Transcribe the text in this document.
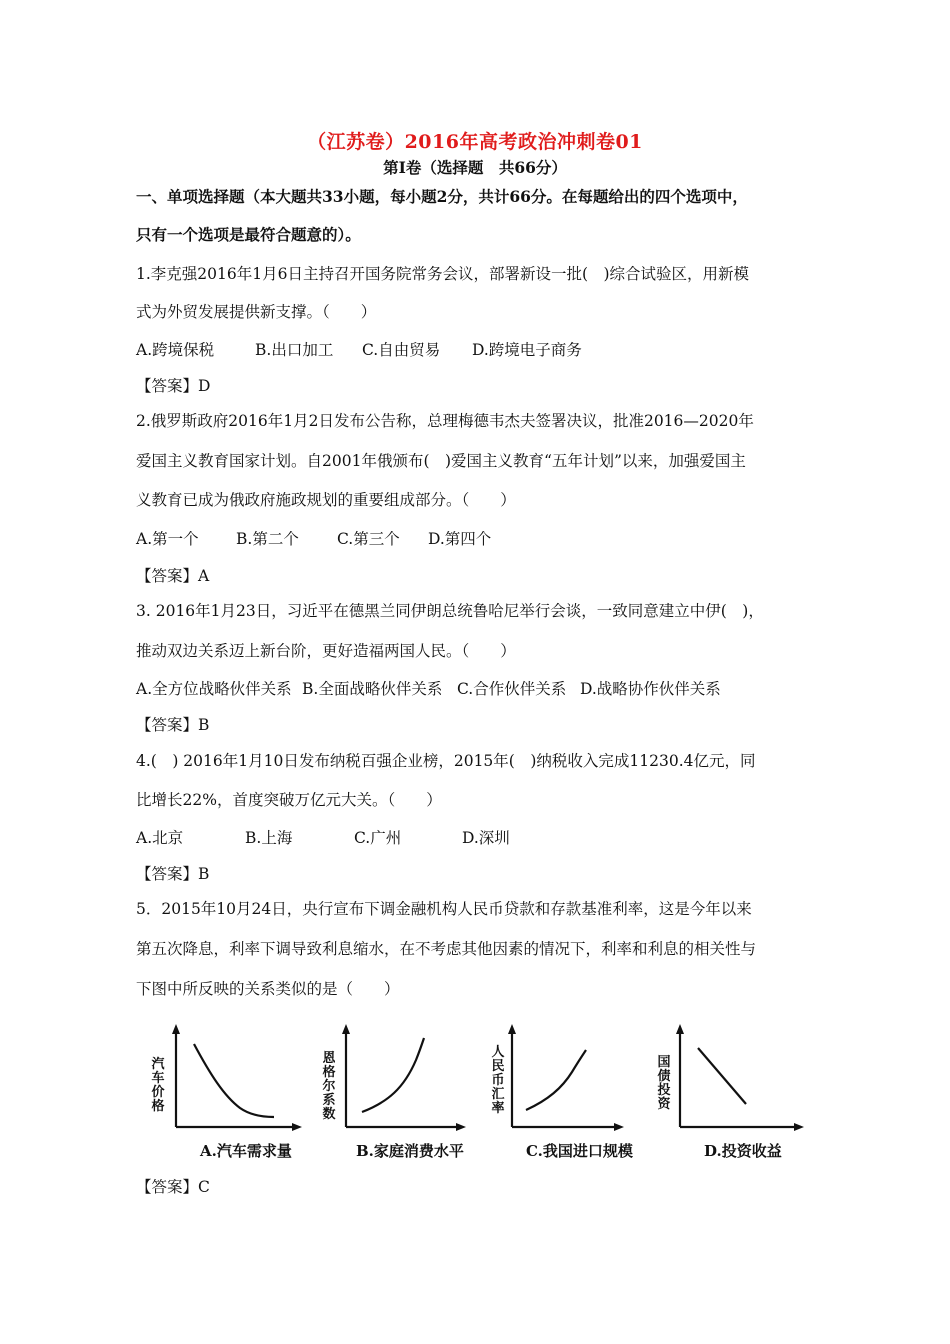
（江苏卷）2016年高考政治冲刺卷01
第Ⅰ卷（选择题　共66分）
一、单项选择题（本大题共33小题，每小题2分，共计66分。在每题给出的四个选项中，
只有一个选项是最符合题意的）。
1.李克强2016年1月6日主持召开国务院常务会议，部署新设一批(　)综合试验区，用新模
式为外贸发展提供新支撑。（　　）
A.跨境保税	B.出口加工 C.自由贸易 D.跨境电子商务
【答案】D
2.俄罗斯政府2016年1月2日发布公告称，总理梅德韦杰夫签署决议，批准2016—2020年
爱国主义教育国家计划。自2001年俄颁布(　)爱国主义教育“五年计划”以来，加强爱国主
义教育已成为俄政府施政规划的重要组成部分。（　　）
A.第一个 B.第二个 C.第三个 D.第四个
【答案】A
3. 2016年1月23日，习近平在德黑兰同伊朗总统鲁哈尼举行会谈，一致同意建立中伊(　)，
推动双边关系迈上新台阶，更好造福两国人民。（　　）
A.全方位战略伙伴关系 B.全面战略伙伴关系 C.合作伙伴关系 D.战略协作伙伴关系
【答案】B
4.(　) 2016年1月10日发布纳税百强企业榜，2015年(　)纳税收入完成11230.4亿元，同
比增长22%，首度突破万亿元大关。（　　）
A.北京	B.上海	C.广州	D.深圳
【答案】B
5．2015年10月24日，央行宣布下调金融机构人民币贷款和存款基准利率，这是今年以来
第五次降息，利率下调导致利息缩水，在不考虑其他因素的情况下，利率和利息的相关性与
下图中所反映的关系类似的是（　　）
汽车价格
A.汽车需求量
恩格尔系数
B.家庭消费水平
人民币汇率
C.我国进口规模
国债投资
D.投资收益
【答案】C
